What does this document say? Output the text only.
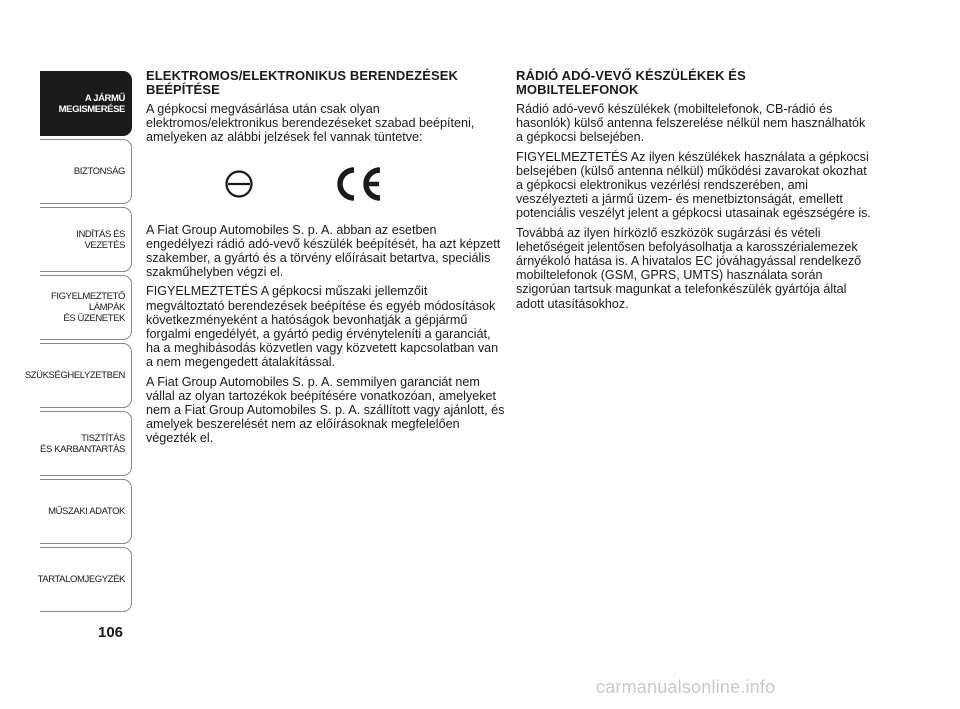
A JÁRMŰ
MEGISMERÉSE
BIZTONSÁG
INDÍTÁS ÉS VEZETÉS
FIGYELMEZTETŐ
LÁMPÁK
ÉS ÜZENETEK
SZÜKSÉGHELYZETBEN
TISZTÍTÁS
ÉS KARBANTARTÁS
MŰSZAKI ADATOK
TARTALOMJEGYZÉK
106
ELEKTROMOS/ELEKTRONIKUS BERENDEZÉSEK BEÉPÍTÉSE

A gépkocsi megvásárlása után csak olyan elektromos/elektronikus berendezéseket szabad beépíteni, amelyeken az alábbi jelzések fel vannak tüntetve:

A Fiat Group Automobiles S. p. A. abban az esetben engedélyezi rádió adó-vevő készülék beépítését, ha azt képzett szakember, a gyártó és a törvény előírásait betartva, speciális szakműhelyben végzi el.

FIGYELMEZTETÉS A gépkocsi műszaki jellemzőit megváltoztató berendezések beépítése és egyéb módosítások következményeként a hatóságok bevonhatják a gépjármű forgalmi engedélyét, a gyártó pedig érvényteleníti a garanciát, ha a meghibásodás közvetlen vagy közvetett kapcsolatban van a nem megengedett átalakítással.

A Fiat Group Automobiles S. p. A. semmilyen garanciát nem vállal az olyan tartozékok beépítésére vonatkozóan, amelyeket nem a Fiat Group Automobiles S. p. A. szállított vagy ajánlott, és amelyek beszerelését nem az előírásoknak megfelelően végezték el.

RÁDIÓ ADÓ-VEVŐ KÉSZÜLÉKEK ÉS MOBILTELEFONOK

Rádió adó-vevő készülékek (mobiltelefonok, CB-rádió és hasonlók) külső antenna felszerelése nélkül nem használhatók a gépkocsi belsejében.

FIGYELMEZTETÉS Az ilyen készülékek használata a gépkocsi belsejében (külső antenna nélkül) működési zavarokat okozhat a gépkocsi elektronikus vezérlési rendszerében, ami veszélyezteti a jármű üzem- és menetbiztonságát, emellett potenciális veszélyt jelent a gépkocsi utasainak egészségére is.

Továbbá az ilyen hírközlő eszközök sugárzási és vételi lehetőségeit jelentősen befolyásolhatja a karosszérialemezek árnyékoló hatása is. A hivatalos EC jóváhagyással rendelkező mobiltelefonok (GSM, GPRS, UMTS) használata során szigorúan tartsuk magunkat a telefonkészülék gyártója által adott utasításokhoz.

carmanualsonline.info
